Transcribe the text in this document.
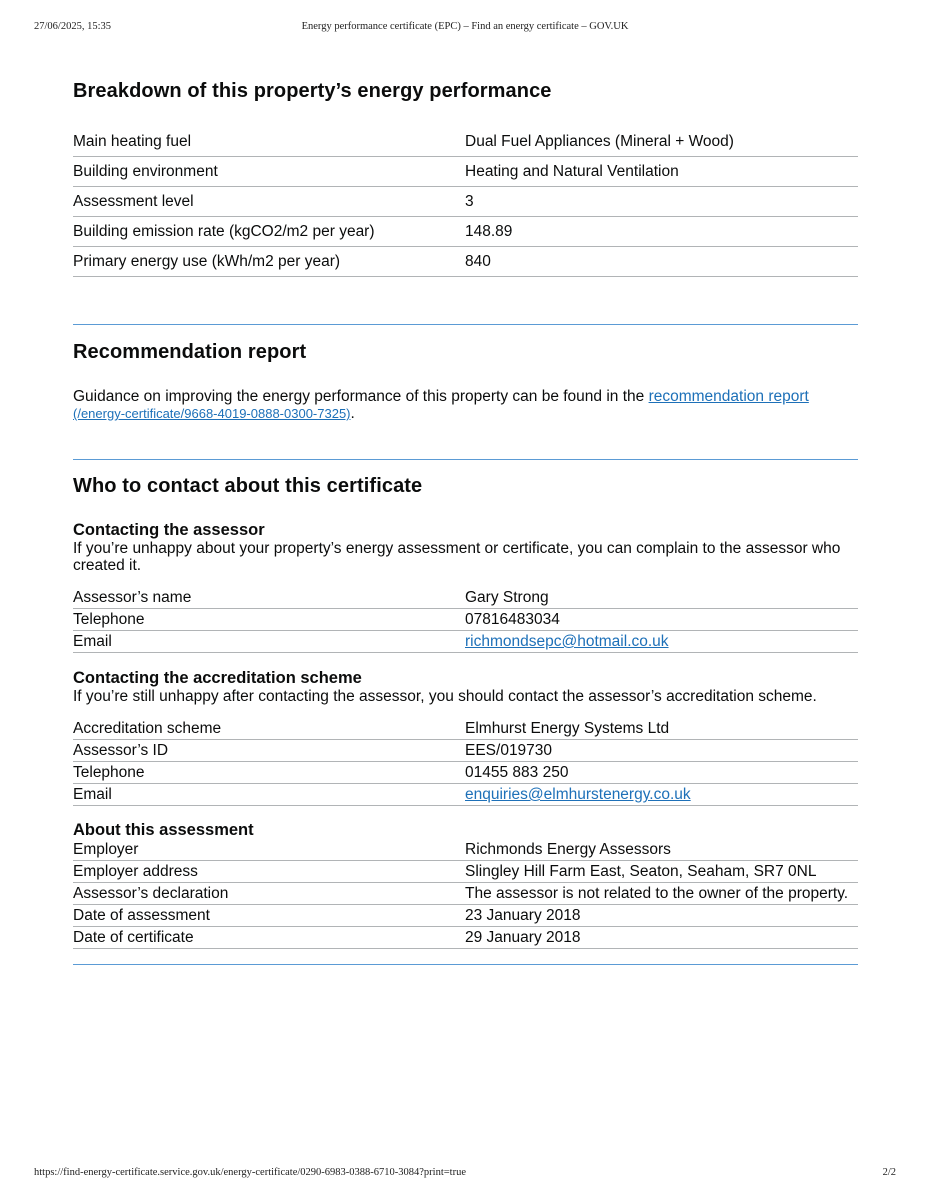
27/06/2025, 15:35	Energy performance certificate (EPC) – Find an energy certificate – GOV.UK
Breakdown of this property’s energy performance
Main heating fuel	Dual Fuel Appliances (Mineral + Wood)
Building environment	Heating and Natural Ventilation
Assessment level	3
Building emission rate (kgCO2/m2 per year)	148.89
Primary energy use (kWh/m2 per year)	840
Recommendation report

Guidance on improving the energy performance of this property can be found in the recommendation report
(/energy-certificate/9668-4019-0888-0300-7325).

Who to contact about this certificate
Contacting the assessor

If you’re unhappy about your property’s energy assessment or certificate, you can complain to the assessor who created it.

Assessor’s name	Gary Strong
Telephone	07816483034
Email	richmondsepc@hotmail.co.uk
Contacting the accreditation scheme

If you’re still unhappy after contacting the assessor, you should contact the assessor’s accreditation scheme.

Accreditation scheme	Elmhurst Energy Systems Ltd
Assessor’s ID	EES/019730
Telephone	01455 883 250
Email	enquiries@elmhurstenergy.co.uk
About this assessment
Employer	Richmonds Energy Assessors
Employer address	Slingley Hill Farm East, Seaton, Seaham, SR7 0NL
Assessor’s declaration	The assessor is not related to the owner of the property.
Date of assessment	23 January 2018
Date of certificate	29 January 2018
https://find-energy-certificate.service.gov.uk/energy-certificate/0290-6983-0388-6710-3084?print=true	2/2
